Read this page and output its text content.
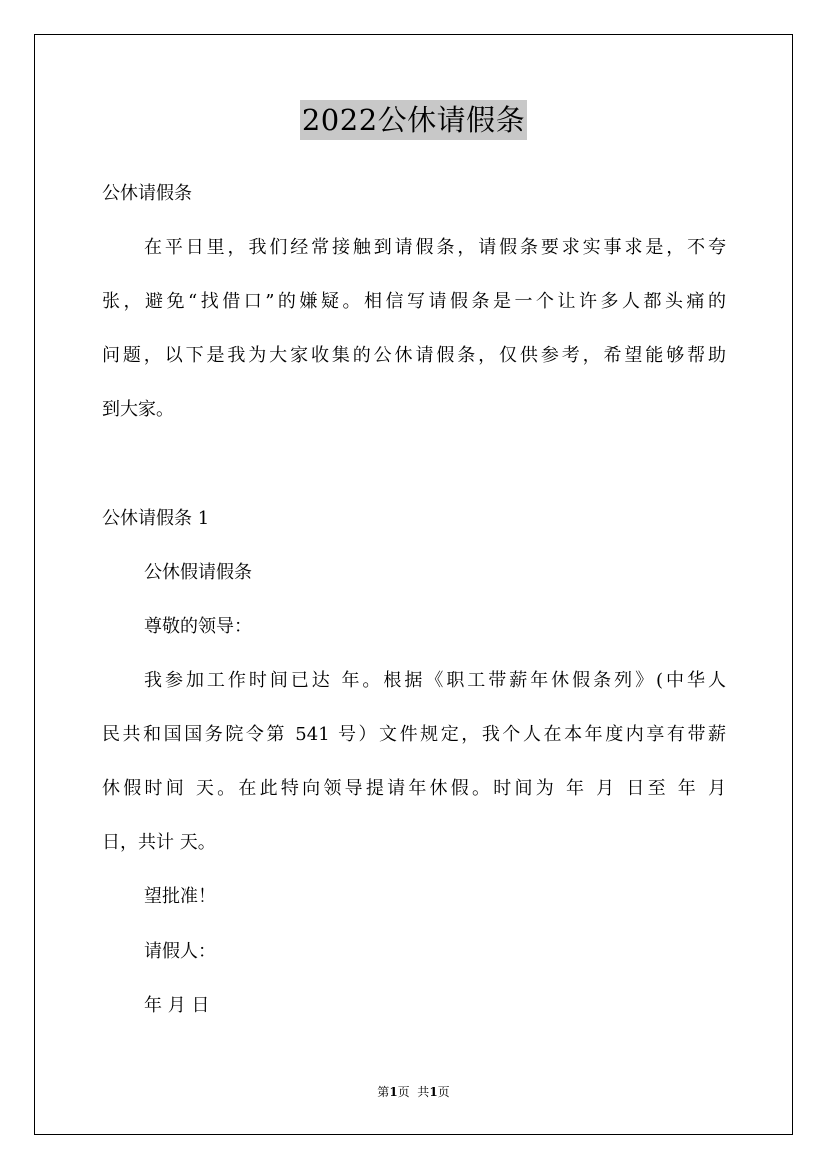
2022公休请假条
公休请假条
在平日里，我们经常接触到请假条，请假条要求实事求是，不夸
张，避免“找借口”的嫌疑。相信写请假条是一个让许多人都头痛的
问题，以下是我为大家收集的公休请假条，仅供参考，希望能够帮助
到大家。
公休请假条 1
公休假请假条
尊敬的领导：
我参加工作时间已达 年。根据《职工带薪年休假条列》(中华人
民共和国国务院令第 541 号）文件规定，我个人在本年度内享有带薪
休假时间 天。在此特向领导提请年休假。时间为 年 月 日至 年 月
日，共计 天。
望批准！
请假人：
年 月 日
第1页  共1页
